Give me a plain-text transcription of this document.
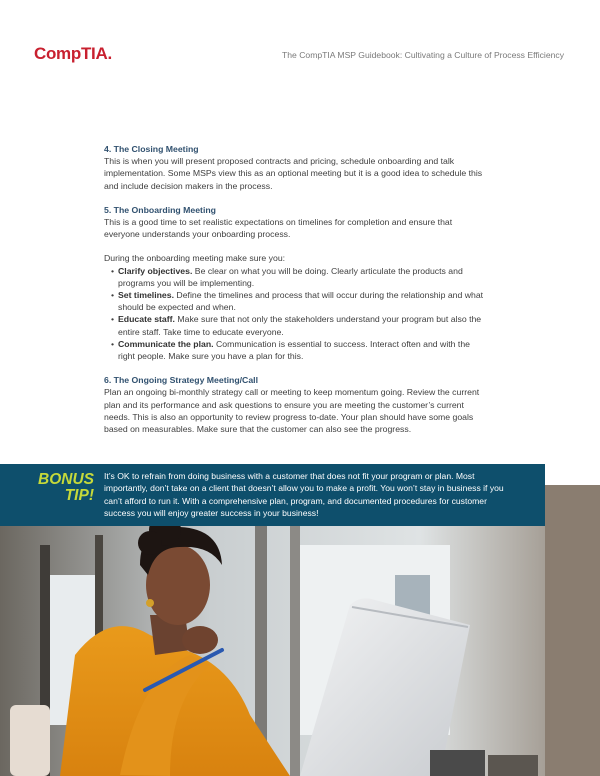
CompTIA.	The CompTIA MSP Guidebook: Cultivating a Culture of Process Efficiency
4. The Closing Meeting

This is when you will present proposed contracts and pricing, schedule onboarding and talk implementation. Some MSPs view this as an optional meeting but it is a good idea to schedule this and include decision makers in the process.

5. The Onboarding Meeting

This is a good time to set realistic expectations on timelines for completion and ensure that everyone understands your onboarding process.

During the onboarding meeting make sure you:

• Clarify objectives. Be clear on what you will be doing. Clearly articulate the products and programs you will be implementing.
• Set timelines. Define the timelines and process that will occur during the relationship and what should be expected and when.
• Educate staff. Make sure that not only the stakeholders understand your program but also the entire staff. Take time to educate everyone.
• Communicate the plan. Communication is essential to success. Interact often and with the right people. Make sure you have a plan for this.
6. The Ongoing Strategy Meeting/Call

Plan an ongoing bi-monthly strategy call or meeting to keep momentum going. Review the current plan and its performance and ask questions to ensure you are meeting the customer’s current needs. This is also an opportunity to review progress to-date. Your plan should have some goals based on measurables. Make sure that the customer can also see the progress.

BONUS
TIP!
It’s OK to refrain from doing business with a customer that does not fit your program or plan. Most importantly, don’t take on a client that doesn’t allow you to make a profit. You won’t stay in business if you can’t afford to run it. With a comprehensive plan, program, and documented procedures for customer success you will enjoy greater success in your business!
